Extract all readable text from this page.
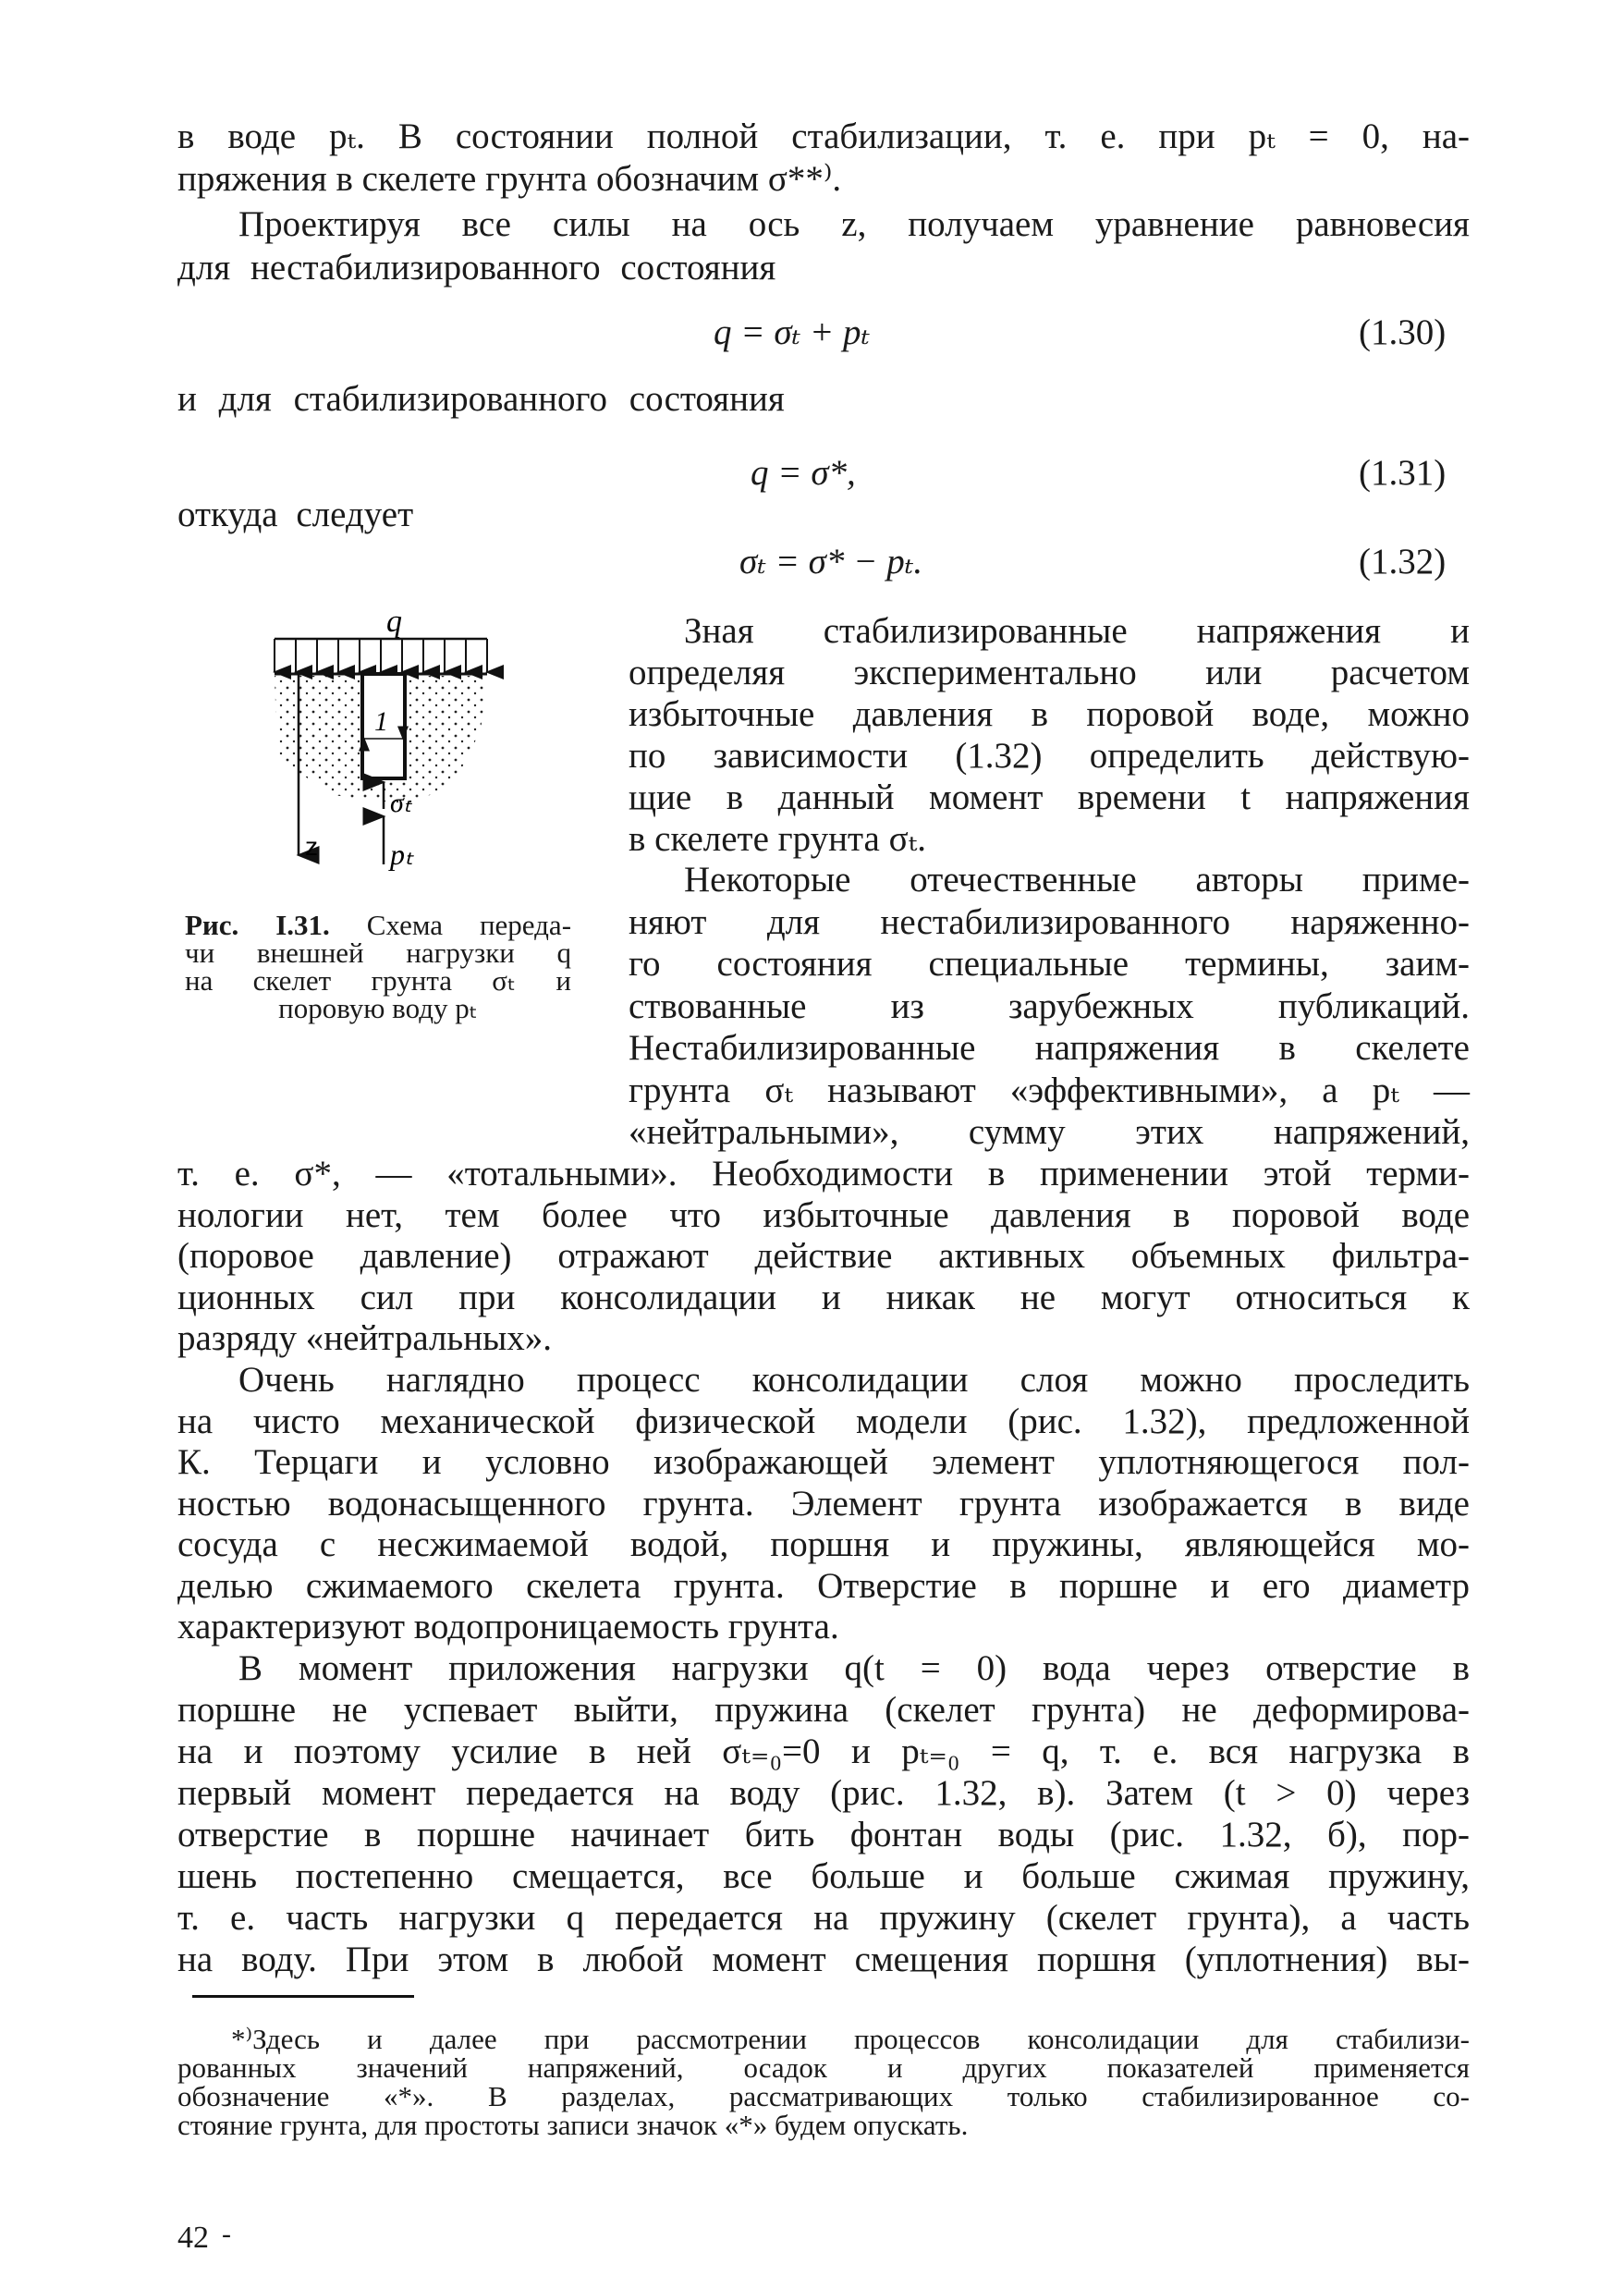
в воде pₜ. В состоянии полной стабилизации, т. е. при pₜ = 0, на-
пряжения в скелете грунта обозначим σ**⁾.
Проектируя все силы на ось z, получаем уравнение равновесия
для нестабилизированного состояния
q = σₜ + pₜ	(1.30)
и для стабилизированного состояния
q = σ*,	(1.31)
откуда следует
σₜ = σ* − pₜ.	(1.32)
q
1
σₜ
z pₜ
Рис. I.31. Схема переда-
чи внешней нагрузки q
на скелет грунта σₜ и
поровую воду pₜ
Зная стабилизированные напряжения и
определяя экспериментально или расчетом
избыточные давления в поровой воде, можно
по зависимости (1.32) определить действую-
щие в данный момент времени t напряжения
в скелете грунта σₜ.
Некоторые отечественные авторы приме-
няют для нестабилизированного наряженно-
го состояния специальные термины, заим-
ствованные из зарубежных публикаций.
Нестабилизированные напряжения в скелете
грунта σₜ называют «эффективными», а pₜ —
«нейтральными», сумму этих напряжений,
т. е. σ*, — «тотальными». Необходимости в применении этой терми-
нологии нет, тем более что избыточные давления в поровой воде
(поровое давление) отражают действие активных объемных фильтра-
ционных сил при консолидации и никак не могут относиться к
разряду «нейтральных».
Очень наглядно процесс консолидации слоя можно проследить
на чисто механической физической модели (рис. 1.32), предложенной
К. Терцаги и условно изображающей элемент уплотняющегося пол-
ностью водонасыщенного грунта. Элемент грунта изображается в виде
сосуда с несжимаемой водой, поршня и пружины, являющейся мо-
делью сжимаемого скелета грунта. Отверстие в поршне и его диаметр
характеризуют водопроницаемость грунта.
В момент приложения нагрузки q(t = 0) вода через отверстие в
поршне не успевает выйти, пружина (скелет грунта) не деформирова-
на и поэтому усилие в ней σₜ₌₀=0 и pₜ₌₀ = q, т. е. вся нагрузка в
первый момент передается на воду (рис. 1.32, в). Затем (t > 0) через
отверстие в поршне начинает бить фонтан воды (рис. 1.32, б), пор-
шень постепенно смещается, все больше и больше сжимая пружину,
т. е. часть нагрузки q передается на пружину (скелет грунта), а часть
на воду. При этом в любой момент смещения поршня (уплотнения) вы-
*⁾Здесь и далее при рассмотрении процессов консолидации для стабилизи-
рованных значений напряжений, осадок и других показателей применяется
обозначение «*». В разделах, рассматривающих только стабилизированное со-
стояние грунта, для простоты записи значок «*» будем опускать.
42 -
